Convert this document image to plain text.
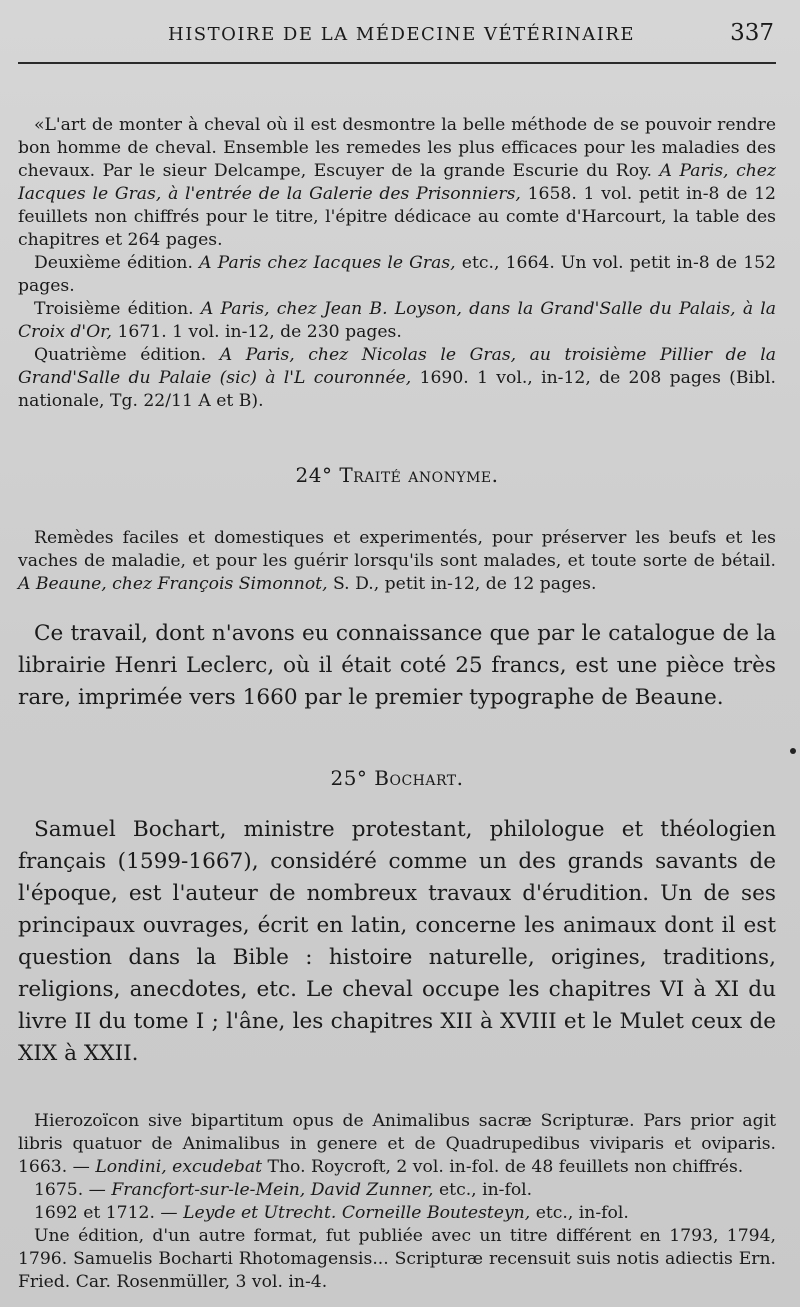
HISTOIRE DE LA MÉDECINE VÉTÉRINAIRE	337

«L'art de monter à cheval où il est desmontre la belle méthode de se pouvoir rendre bon homme de cheval. Ensemble les remedes les plus efficaces pour les maladies des chevaux. Par le sieur Delcampe, Escuyer de la grande Escurie du Roy. A Paris, chez Iacques le Gras, à l'entrée de la Galerie des Prisonniers, 1658. 1 vol. petit in-8 de 12 feuillets non chiffrés pour le titre, l'épitre dédicace au comte d'Harcourt, la table des chapitres et 264 pages.

Deuxième édition. A Paris chez Iacques le Gras, etc., 1664. Un vol. petit in-8 de 152 pages.

Troisième édition. A Paris, chez Jean B. Loyson, dans la Grand'Salle du Palais, à la Croix d'Or, 1671. 1 vol. in-12, de 230 pages.

Quatrième édition. A Paris, chez Nicolas le Gras, au troisième Pillier de la Grand'Salle du Palaie (sic) à l'L couronnée, 1690. 1 vol., in-12, de 208 pages (Bibl. nationale, Tg. 22/11 A et B).

24° Traité anonyme.

Remèdes faciles et domestiques et experimentés, pour préserver les beufs et les vaches de maladie, et pour les guérir lorsqu'ils sont malades, et toute sorte de bétail. A Beaune, chez François Simonnot, S. D., petit in-12, de 12 pages.

Ce travail, dont n'avons eu connaissance que par le catalogue de la librairie Henri Leclerc, où il était coté 25 francs, est une pièce très rare, imprimée vers 1660 par le premier typographe de Beaune.

25° Bochart.

Samuel Bochart, ministre protestant, philologue et théologien français (1599-1667), considéré comme un des grands savants de l'époque, est l'auteur de nombreux travaux d'érudition. Un de ses principaux ouvrages, écrit en latin, concerne les animaux dont il est question dans la Bible : histoire naturelle, origines, traditions, religions, anecdotes, etc. Le cheval occupe les chapitres VI à XI du livre II du tome I ; l'âne, les chapitres XII à XVIII et le Mulet ceux de XIX à XXII.

Hierozoïcon sive bipartitum opus de Animalibus sacræ Scripturæ. Pars prior agit libris quatuor de Animalibus in genere et de Quadrupedibus viviparis et oviparis. 1663. — Londini, excudebat Tho. Roycroft, 2 vol. in-fol. de 48 feuillets non chiffrés.

1675. — Francfort-sur-le-Mein, David Zunner, etc., in-fol.

1692 et 1712. — Leyde et Utrecht. Corneille Boutesteyn, etc., in-fol.

Une édition, d'un autre format, fut publiée avec un titre différent en 1793, 1794, 1796. Samuelis Bocharti Rhotomagensis... Scripturæ recensuit suis notis adiectis Ern. Fried. Car. Rosenmüller, 3 vol. in-4.
